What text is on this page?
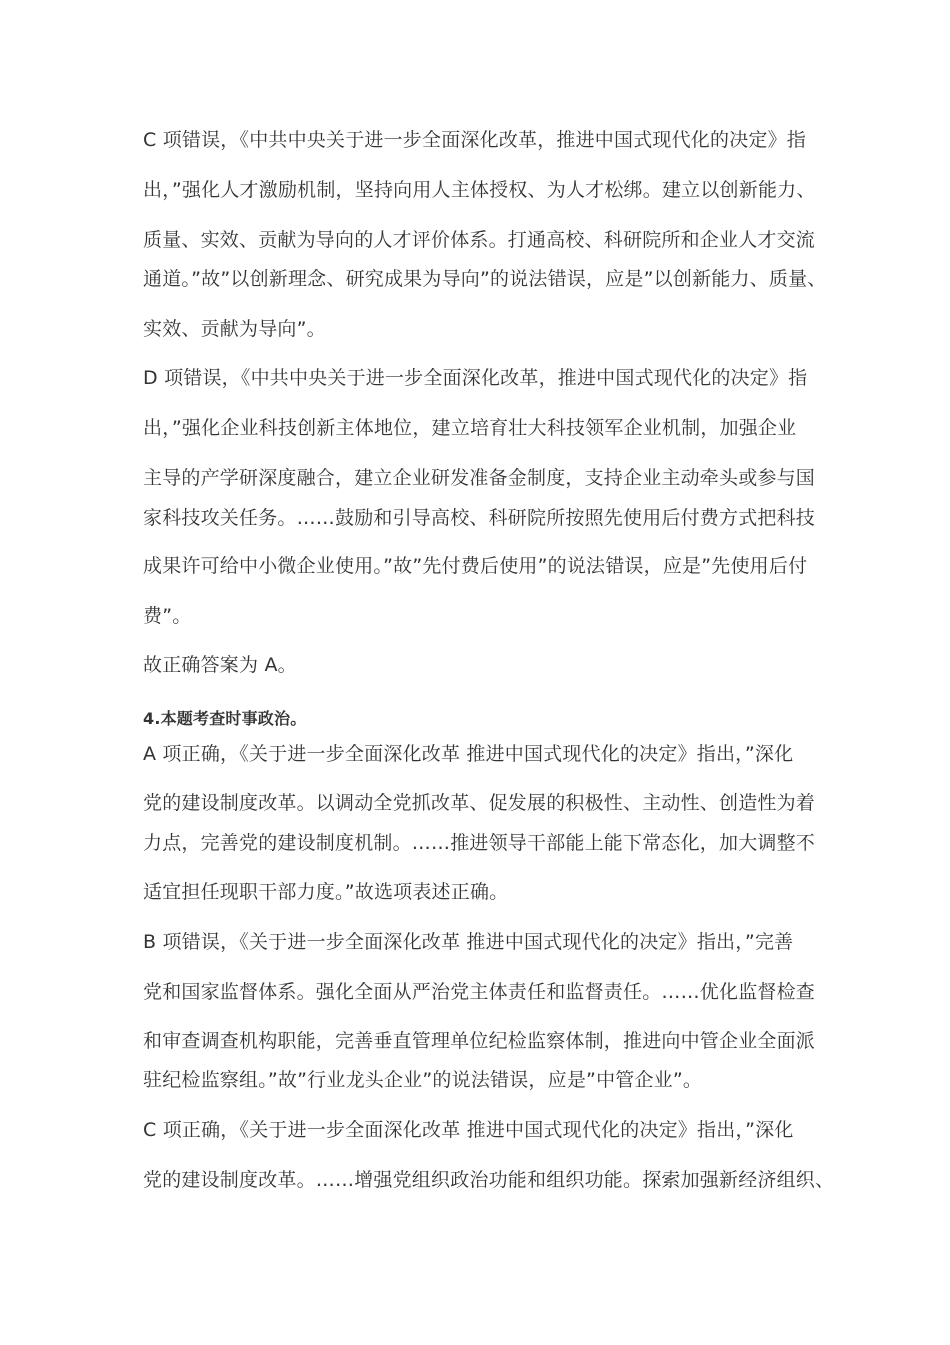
C 项错误，《中共中央关于进一步全面深化改革，推进中国式现代化的决定》指
出，”强化人才激励机制，坚持向用人主体授权、为人才松绑。建立以创新能力、
质量、实效、贡献为导向的人才评价体系。打通高校、科研院所和企业人才交流
通道。”故”以创新理念、研究成果为导向”的说法错误，应是”以创新能力、质量、
实效、贡献为导向”。
D 项错误，《中共中央关于进一步全面深化改革，推进中国式现代化的决定》指
出，”强化企业科技创新主体地位，建立培育壮大科技领军企业机制，加强企业
主导的产学研深度融合，建立企业研发准备金制度，支持企业主动牵头或参与国
家科技攻关任务。……鼓励和引导高校、科研院所按照先使用后付费方式把科技
成果许可给中小微企业使用。”故”先付费后使用”的说法错误，应是”先使用后付
费”。
故正确答案为 A。
4.本题考查时事政治。
A 项正确，《关于进一步全面深化改革 推进中国式现代化的决定》指出，”深化
党的建设制度改革。以调动全党抓改革、促发展的积极性、主动性、创造性为着
力点，完善党的建设制度机制。……推进领导干部能上能下常态化，加大调整不
适宜担任现职干部力度。”故选项表述正确。
B 项错误，《关于进一步全面深化改革 推进中国式现代化的决定》指出，”完善
党和国家监督体系。强化全面从严治党主体责任和监督责任。……优化监督检查
和审查调查机构职能，完善垂直管理单位纪检监察体制，推进向中管企业全面派
驻纪检监察组。”故”行业龙头企业”的说法错误，应是”中管企业”。
C 项正确，《关于进一步全面深化改革 推进中国式现代化的决定》指出，”深化
党的建设制度改革。……增强党组织政治功能和组织功能。探索加强新经济组织、
